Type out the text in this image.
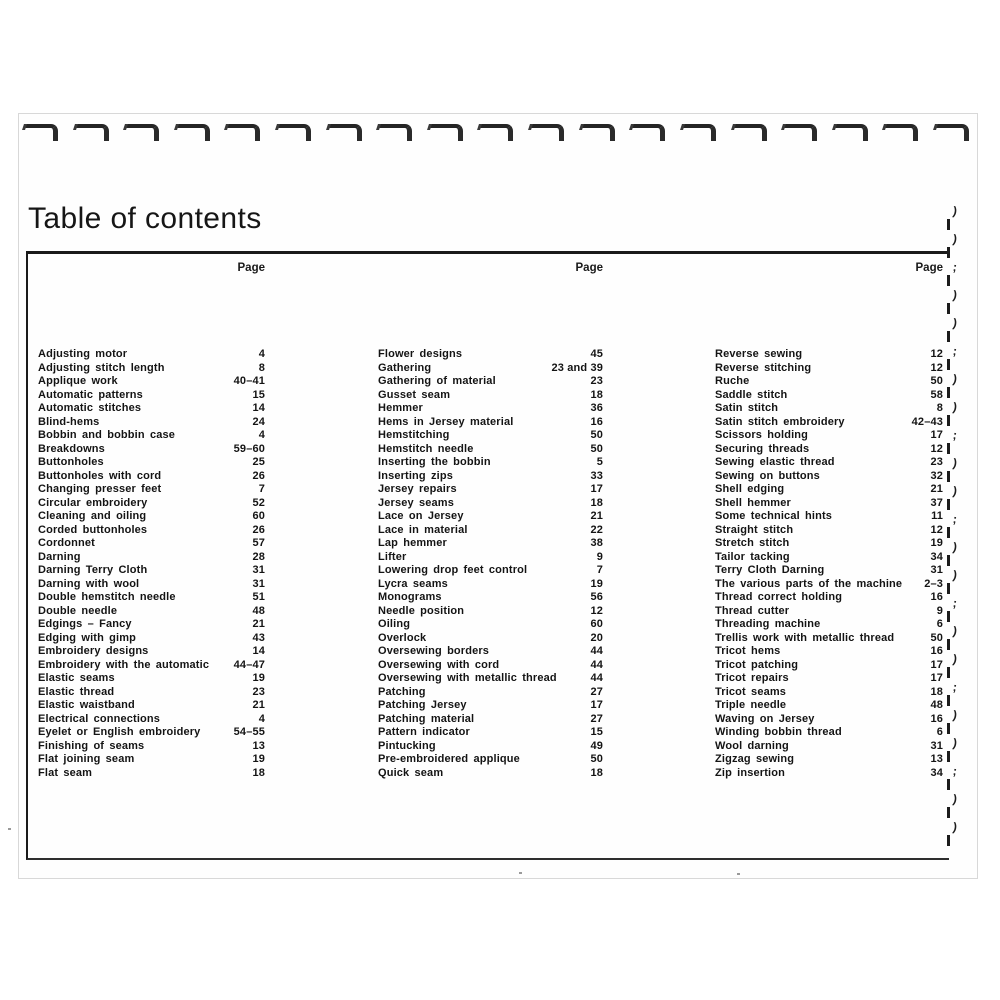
Table of contents
Page	Page	Page
Adjusting motor	4
Adjusting stitch length	8
Applique work	40–41
Automatic patterns	15
Automatic stitches	14
Blind-hems	24
Bobbin and bobbin case	4
Breakdowns	59–60
Buttonholes	25
Buttonholes with cord	26
Changing presser feet	7
Circular embroidery	52
Cleaning and oiling	60
Corded buttonholes	26
Cordonnet	57
Darning	28
Darning Terry Cloth	31
Darning with wool	31
Double hemstitch needle	51
Double needle	48
Edgings – Fancy	21
Edging with gimp	43
Embroidery designs	14
Embroidery with the automatic	44–47
Elastic seams	19
Elastic thread	23
Elastic waistband	21
Electrical connections	4
Eyelet or English embroidery	54–55
Finishing of seams	13
Flat joining seam	19
Flat seam	18
Flower designs	45
Gathering	23 and 39
Gathering of material	23
Gusset seam	18
Hemmer	36
Hems in Jersey material	16
Hemstitching	50
Hemstitch needle	50
Inserting the bobbin	5
Inserting zips	33
Jersey repairs	17
Jersey seams	18
Lace on Jersey	21
Lace in material	22
Lap hemmer	38
Lifter	9
Lowering drop feet control	7
Lycra seams	19
Monograms	56
Needle position	12
Oiling	60
Overlock	20
Oversewing borders	44
Oversewing with cord	44
Oversewing with metallic thread	44
Patching	27
Patching Jersey	17
Patching material	27
Pattern indicator	15
Pintucking	49
Pre-embroidered applique	50
Quick seam	18
Reverse sewing	12
Reverse stitching	12
Ruche	50
Saddle stitch	58
Satin stitch	8
Satin stitch embroidery	42–43
Scissors holding	17
Securing threads	12
Sewing elastic thread	23
Sewing on buttons	32
Shell edging	21
Shell hemmer	37
Some technical hints	11
Straight stitch	12
Stretch stitch	19
Tailor tacking	34
Terry Cloth Darning	31
The various parts of the machine	2–3
Thread correct holding	16
Thread cutter	9
Threading machine	6
Trellis work with metallic thread	50
Tricot hems	16
Tricot patching	17
Tricot repairs	17
Tricot seams	18
Triple needle	48
Waving on Jersey	16
Winding bobbin thread	6
Wool darning	31
Zigzag sewing	13
Zip insertion	34
)
)
;
)
)
;
)
)
;
)
)
;
)
)
;
)
)
;
)
)
;
)
)
